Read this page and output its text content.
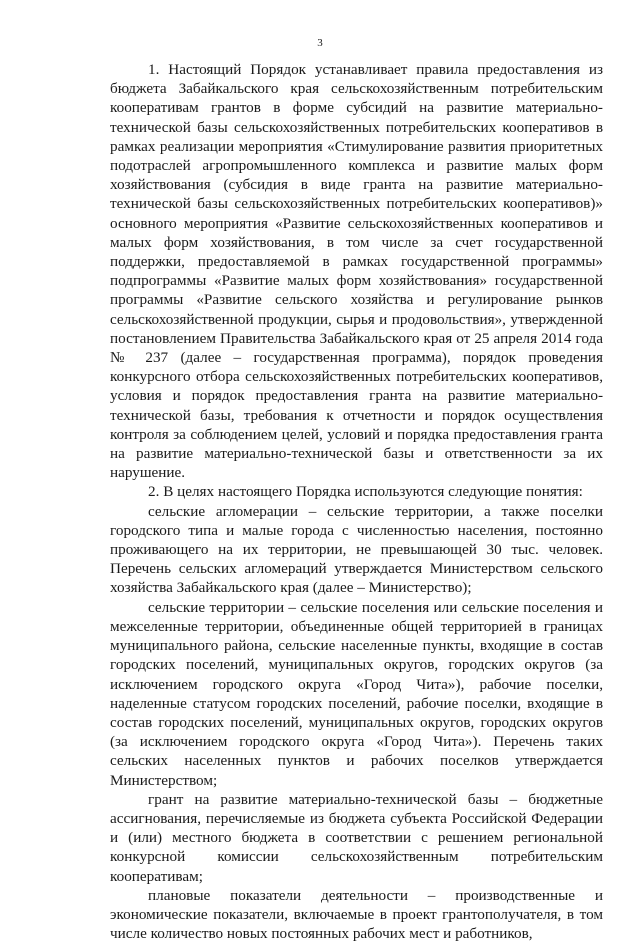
3

1. Настоящий Порядок устанавливает правила предоставления из бюджета Забайкальского края сельскохозяйственным потребительским кооперативам грантов в форме субсидий на развитие материально-технической базы сельскохозяйственных потребительских кооперативов в рамках реализации мероприятия «Стимулирование развития приоритетных подотраслей агропромышленного комплекса и развитие малых форм хозяйствования (субсидия в виде гранта на развитие материально-технической базы сельскохозяйственных потребительских кооперативов)» основного мероприятия «Развитие сельскохозяйственных кооперативов и малых форм хозяйствования, в том числе за счет государственной поддержки, предоставляемой в рамках государственной программы» подпрограммы «Развитие малых форм хозяйствования» государственной программы «Развитие сельского хозяйства и регулирование рынков сельскохозяйственной продукции, сырья и продовольствия», утвержденной постановлением Правительства Забайкальского края от 25 апреля 2014 года № 237 (далее – государственная программа), порядок проведения конкурсного отбора сельскохозяйственных потребительских кооперативов, условия и порядок предоставления гранта на развитие материально-технической базы, требования к отчетности и порядок осуществления контроля за соблюдением целей, условий и порядка предоставления гранта на развитие материально-технической базы и ответственности за их нарушение.

2. В целях настоящего Порядка используются следующие понятия:

сельские агломерации – сельские территории, а также поселки городского типа и малые города с численностью населения, постоянно проживающего на их территории, не превышающей 30 тыс. человек. Перечень сельских агломераций утверждается Министерством сельского хозяйства Забайкальского края (далее – Министерство);

сельские территории – сельские поселения или сельские поселения и межселенные территории, объединенные общей территорией в границах муниципального района, сельские населенные пункты, входящие в состав городских поселений, муниципальных округов, городских округов (за исключением городского округа «Город Чита»), рабочие поселки, наделенные статусом городских поселений, рабочие поселки, входящие в состав городских поселений, муниципальных округов, городских округов (за исключением городского округа «Город Чита»). Перечень таких сельских населенных пунктов и рабочих поселков утверждается Министерством;

грант на развитие материально-технической базы – бюджетные ассигнования, перечисляемые из бюджета субъекта Российской Федерации и (или) местного бюджета в соответствии с решением региональной конкурсной комиссии сельскохозяйственным потребительским кооперативам;

плановые показатели деятельности – производственные и экономические показатели, включаемые в проект грантополучателя, в том числе количество новых постоянных рабочих мест и работников,
